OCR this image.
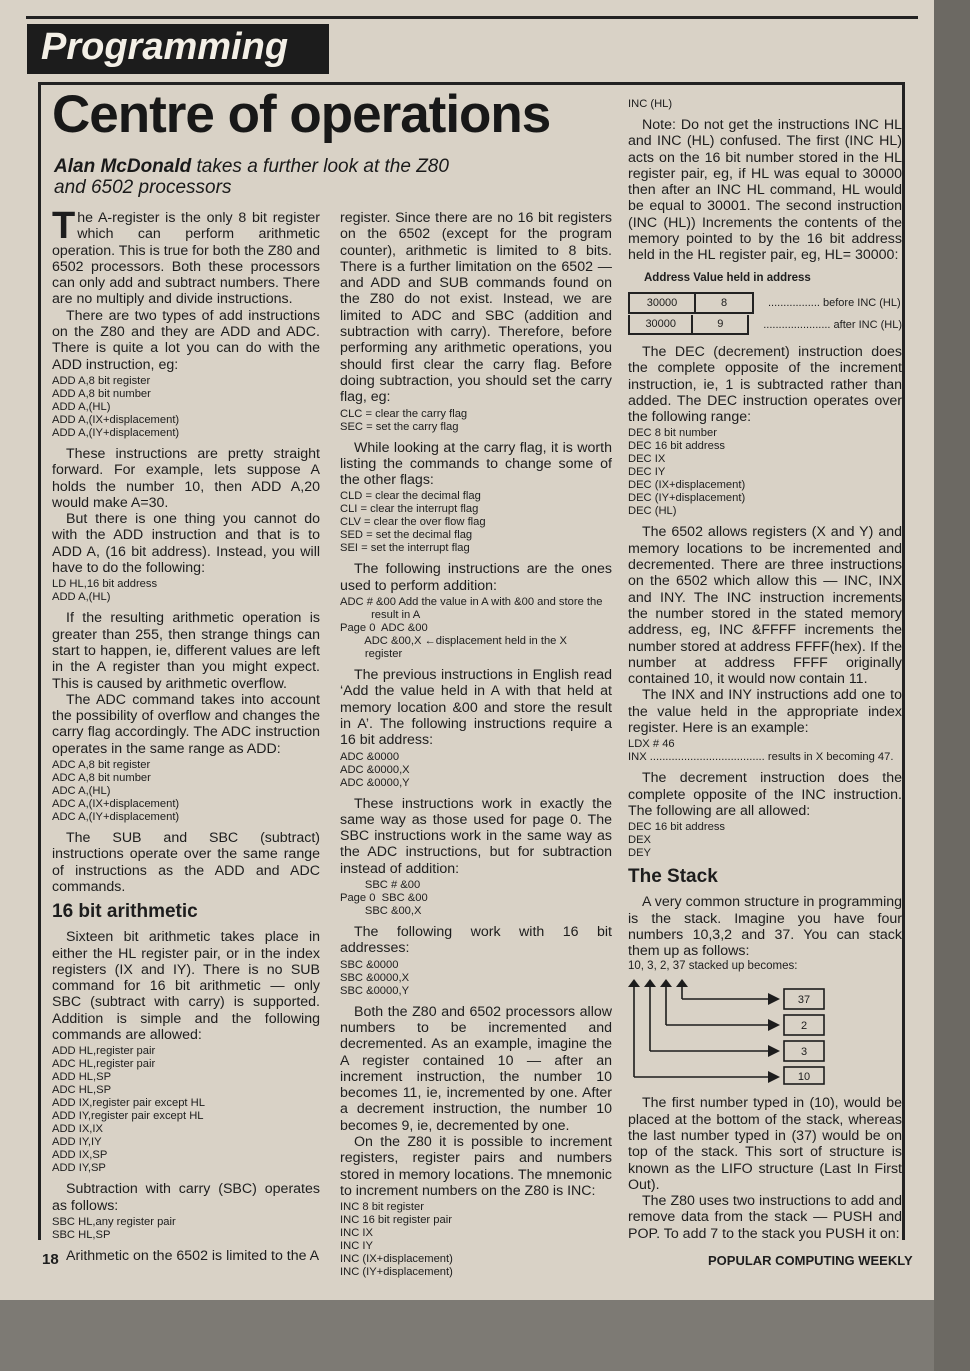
Programming
Centre of operations
Alan McDonald takes a further look at the Z80 and 6502 processors

The A-register is the only 8 bit register which can perform arithmetic operation. This is true for both the Z80 and 6502 processors. Both these processors can only add and subtract numbers. There are no multiply and divide instructions.

There are two types of add instructions on the Z80 and they are ADD and ADC. There is quite a lot you can do with the ADD instruction, eg:

ADD A,8 bit register
ADD A,8 bit number
ADD A,(HL)
ADD A,(IX+displacement)
ADD A,(IY+displacement)

These instructions are pretty straight forward. For example, lets suppose A holds the number 10, then ADD A,20 would make A=30.

But there is one thing you cannot do with the ADD instruction and that is to ADD A, (16 bit address). Instead, you will have to do the following:

LD HL,16 bit address
ADD A,(HL)

If the resulting arithmetic operation is greater than 255, then strange things can start to happen, ie, different values are left in the A register than you might expect. This is caused by arithmetic overflow.

The ADC command takes into account the possibility of overflow and changes the carry flag accordingly. The ADC instruction operates in the same range as ADD:

ADC A,8 bit register
ADC A,8 bit number
ADC A,(HL)
ADC A,(IX+displacement)
ADC A,(IY+displacement)

The SUB and SBC (subtract) instructions operate over the same range of instructions as the ADD and ADC commands.

16 bit arithmetic

Sixteen bit arithmetic takes place in either the HL register pair, or in the index registers (IX and IY). There is no SUB command for 16 bit arithmetic — only SBC (subtract with carry) is supported. Addition is simple and the following commands are allowed:

ADD HL,register pair
ADC HL,register pair
ADD HL,SP
ADC HL,SP
ADD IX,register pair except HL
ADD IY,register pair except HL
ADD IX,IX
ADD IY,IY
ADD IX,SP
ADD IY,SP

Subtraction with carry (SBC) operates as follows:

SBC HL,any register pair
SBC HL,SP

Arithmetic on the 6502 is limited to the A

register. Since there are no 16 bit registers on the 6502 (except for the program counter), arithmetic is limited to 8 bits. There is a further limitation on the 6502 — and ADD and SUB commands found on the Z80 do not exist. Instead, we are limited to ADC and SBC (addition and subtraction with carry). Therefore, before performing any arithmetic operations, you should first clear the carry flag. Before doing subtraction, you should set the carry flag, eg:

CLC = clear the carry flag
SEC = set the carry flag

While looking at the carry flag, it is worth listing the commands to change some of the other flags:

CLD = clear the decimal flag
CLI = clear the interrupt flag
CLV = clear the over flow flag
SED = set the decimal flag
SEI = set the interrupt flag

The following instructions are the ones used to perform addition:

ADC # &00 Add the value in A with &00 and store the
result in A
Page 0  ADC &00
ADC &00,X ←displacement held in the X
register

The previous instructions in English read ‘Add the value held in A with that held at memory location &00 and store the result in A’. The following instructions require a 16 bit address:

ADC &0000
ADC &0000,X
ADC &0000,Y

These instructions work in exactly the same way as those used for page 0. The SBC instructions work in the same way as the ADC instructions, but for subtraction instead of addition:

SBC # &00
Page 0  SBC &00
SBC &00,X

The following work with 16 bit addresses:

SBC &0000
SBC &0000,X
SBC &0000,Y

Both the Z80 and 6502 processors allow numbers to be incremented and decremented. As an example, imagine the A register contained 10 — after an increment instruction, the number 10 becomes 11, ie, incremented by one. After a decrement instruction, the number 10 becomes 9, ie, decremented by one.

On the Z80 it is possible to increment registers, register pairs and numbers stored in memory locations. The mnemonic to increment numbers on the Z80 is INC:

INC 8 bit register
INC 16 bit register pair
INC IX
INC IY
INC (IX+displacement)
INC (IY+displacement)
INC (HL)

Note: Do not get the instructions INC HL and INC (HL) confused. The first (INC HL) acts on the 16 bit number stored in the HL register pair, eg, if HL was equal to 30000 then after an INC HL command, HL would be equal to 30001. The second instruction (INC (HL)) Increments the contents of the memory pointed to by the 16 bit address held in the HL register pair, eg, HL= 30000:

Address Value held in address
30000	8	................. before INC (HL)
30000	9	...................... after INC (HL)

The DEC (decrement) instruction does the complete opposite of the increment instruction, ie, 1 is subtracted rather than added. The DEC instruction operates over the following range:

DEC 8 bit number
DEC 16 bit address
DEC IX
DEC IY
DEC (IX+displacement)
DEC (IY+displacement)
DEC (HL)

The 6502 allows registers (X and Y) and memory locations to be incremented and decremented. There are three instructions on the 6502 which allow this — INC, INX and INY. The INC instruction increments the number stored in the stated memory address, eg, INC &FFFF increments the number stored at address FFFF(hex). If the number at address FFFF originally contained 10, it would now contain 11.

The INX and INY instructions add one to the value held in the appropriate index register. Here is an example:

LDX # 46
INX ..................................... results in X becoming 47.

The decrement instruction does the complete opposite of the INC instruction. The following are all allowed:

DEC 16 bit address
DEX
DEY
The Stack

A very common structure in programming is the stack. Imagine you have four numbers 10,3,2 and 37. You can stack them up as follows:

10, 3, 2, 37 stacked up becomes:
37
2
3
10

The first number typed in (10), would be placed at the bottom of the stack, whereas the last number typed in (37) would be on top of the stack. This sort of structure is known as the LIFO structure (Last In First Out).

The Z80 uses two instructions to add and remove data from the stack — PUSH and POP. To add 7 to the stack you PUSH it on:

18	POPULAR COMPUTING WEEKLY
